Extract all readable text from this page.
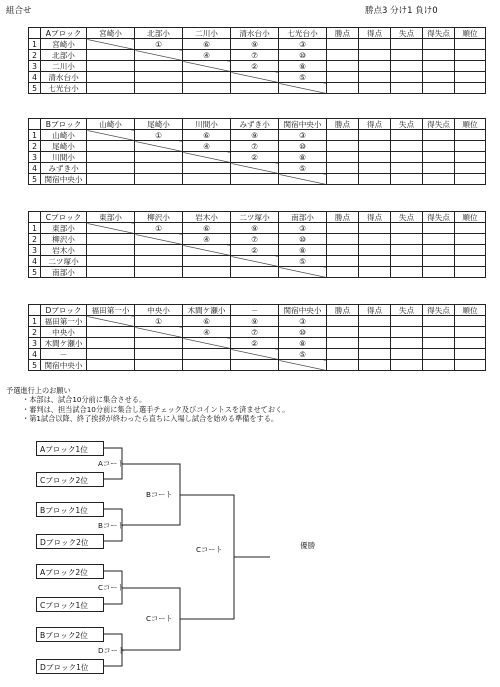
組合せ	勝点3 分け1 負け0
	Aブロック	宮崎小	北部小	二川小	清水台小	七光台小	勝点	得点	失点	得失点	順位
1	宮崎小		①	⑥	⑨	③					
2	北部小			④	⑦	⑩					
3	二川小				②	⑧					
4	清水台小					⑤					
5	七光台小										
	Bブロック	山崎小	尾崎小	川間小	みずき小	関宿中央小	勝点	得点	失点	得失点	順位
1	山崎小		①	⑥	⑨	③					
2	尾崎小			④	⑦	⑩					
3	川間小				②	⑧					
4	みずき小					⑤					
5	関宿中央小										
	Cブロック	東部小	柳沢小	岩木小	二ツ塚小	南部小	勝点	得点	失点	得失点	順位
1	東部小		①	⑥	⑨	③					
2	柳沢小			④	⑦	⑩					
3	岩木小				②	⑧					
4	二ツ塚小					⑤					
5	南部小										
	Dブロック	福田第一小	中央小	木間ケ瀬小	－	関宿中央小	勝点	得点	失点	得失点	順位
1	福田第一小		①	⑥	⑨	③					
2	中央小			④	⑦	⑩					
3	木間ケ瀬小				②	⑧					
4	－					⑤					
5	関宿中央小										
予選進行上のお願い
・本部は、試合10分前に集合させる。
・審判は、担当試合10分前に集合し選手チェック及びコイントスを済ませておく。
・第1試合以降、終了挨拶が終わったら直ちに入場し試合を始める準備をする。
Aブロック1位
Cブロック2位
Bブロック1位
Dブロック2位
Aブロック2位
Cブロック1位
Bブロック2位
Dブロック1位
Aコート
Bコート
Cコート
Dコート
Bコート
Cコート
Cコート	優勝
